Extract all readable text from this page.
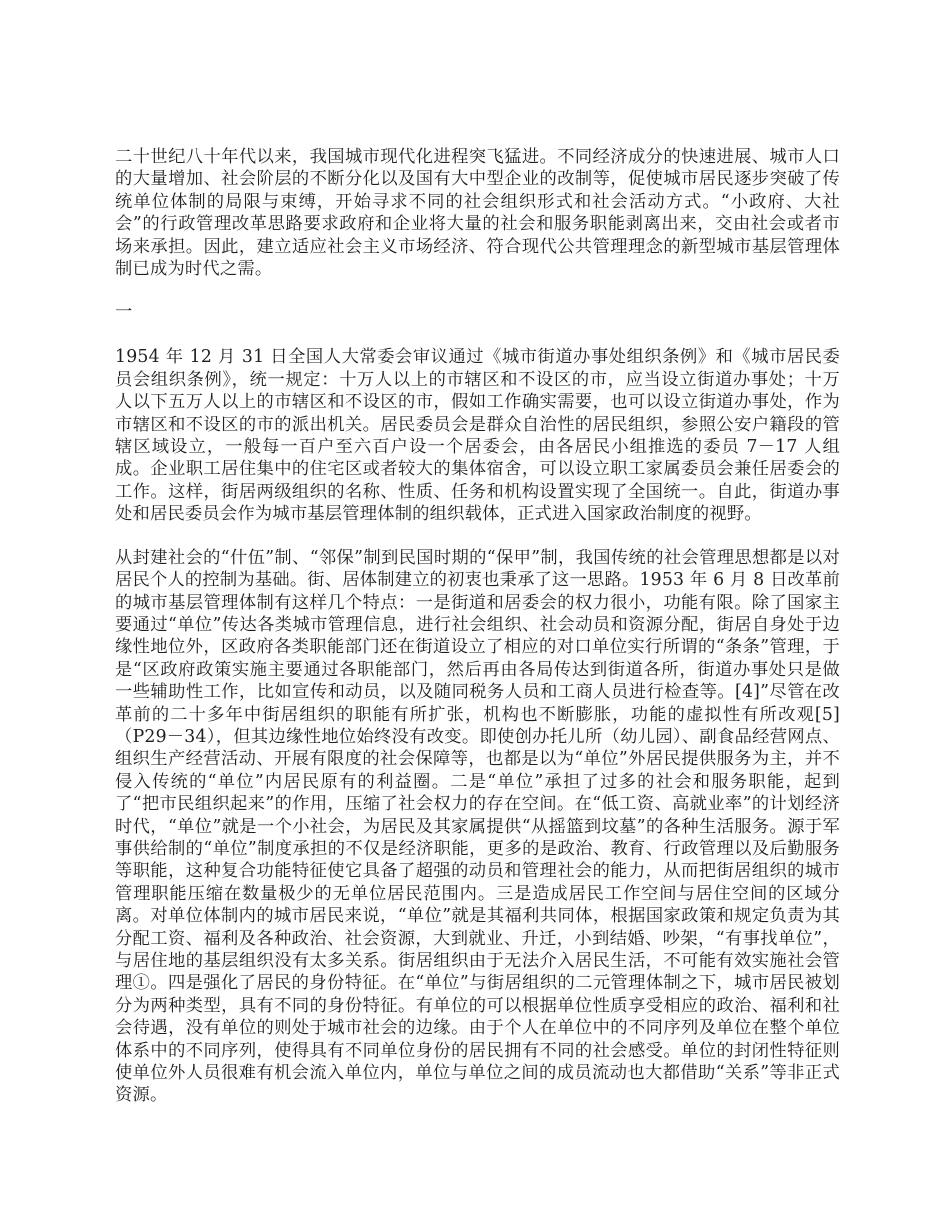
二十世纪八十年代以来，我国城市现代化进程突飞猛进。不同经济成分的快速进展、城市人口的大量增加、社会阶层的不断分化以及国有大中型企业的改制等，促使城市居民逐步突破了传统单位体制的局限与束缚，开始寻求不同的社会组织形式和社会活动方式。“小政府、大社会”的行政管理改革思路要求政府和企业将大量的社会和服务职能剥离出来，交由社会或者市场来承担。因此，建立适应社会主义市场经济、符合现代公共管理理念的新型城市基层管理体制已成为时代之需。

一

1954 年 12 月 31 日全国人大常委会审议通过《城市街道办事处组织条例》和《城市居民委员会组织条例》，统一规定：十万人以上的市辖区和不设区的市，应当设立街道办事处；十万人以下五万人以上的市辖区和不设区的市，假如工作确实需要，也可以设立街道办事处，作为市辖区和不设区的市的派出机关。居民委员会是群众自治性的居民组织，参照公安户籍段的管辖区域设立，一般每一百户至六百户设一个居委会，由各居民小组推选的委员 7－17 人组成。企业职工居住集中的住宅区或者较大的集体宿舍，可以设立职工家属委员会兼任居委会的工作。这样，街居两级组织的名称、性质、任务和机构设置实现了全国统一。自此，街道办事处和居民委员会作为城市基层管理体制的组织载体，正式进入国家政治制度的视野。

从封建社会的“什伍”制、“邻保”制到民国时期的“保甲”制，我国传统的社会管理思想都是以对居民个人的控制为基础。街、居体制建立的初衷也秉承了这一思路。1953 年 6 月 8 日改革前的城市基层管理体制有这样几个特点：一是街道和居委会的权力很小，功能有限。除了国家主要通过“单位”传达各类城市管理信息，进行社会组织、社会动员和资源分配，街居自身处于边缘性地位外，区政府各类职能部门还在街道设立了相应的对口单位实行所谓的“条条”管理，于是“区政府政策实施主要通过各职能部门，然后再由各局传达到街道各所，街道办事处只是做一些辅助性工作，比如宣传和动员，以及随同税务人员和工商人员进行检查等。[4]”尽管在改革前的二十多年中街居组织的职能有所扩张，机构也不断膨胀，功能的虚拟性有所改观[5]（P29－34），但其边缘性地位始终没有改变。即使创办托儿所（幼儿园）、副食品经营网点、组织生产经营活动、开展有限度的社会保障等，也都是以为“单位”外居民提供服务为主，并不侵入传统的“单位”内居民原有的利益圈。二是“单位”承担了过多的社会和服务职能，起到了“把市民组织起来”的作用，压缩了社会权力的存在空间。在“低工资、高就业率”的计划经济时代，“单位”就是一个小社会，为居民及其家属提供“从摇篮到坟墓”的各种生活服务。源于军事供给制的“单位”制度承担的不仅是经济职能，更多的是政治、教育、行政管理以及后勤服务等职能，这种复合功能特征使它具备了超强的动员和管理社会的能力，从而把街居组织的城市管理职能压缩在数量极少的无单位居民范围内。三是造成居民工作空间与居住空间的区域分离。对单位体制内的城市居民来说，“单位”就是其福利共同体，根据国家政策和规定负责为其分配工资、福利及各种政治、社会资源，大到就业、升迁，小到结婚、吵架，“有事找单位”，与居住地的基层组织没有太多关系。街居组织由于无法介入居民生活，不可能有效实施社会管理①。四是强化了居民的身份特征。在“单位”与街居组织的二元管理体制之下，城市居民被划分为两种类型，具有不同的身份特征。有单位的可以根据单位性质享受相应的政治、福利和社会待遇，没有单位的则处于城市社会的边缘。由于个人在单位中的不同序列及单位在整个单位体系中的不同序列，使得具有不同单位身份的居民拥有不同的社会感受。单位的封闭性特征则使单位外人员很难有机会流入单位内，单位与单位之间的成员流动也大都借助“关系”等非正式资源。
